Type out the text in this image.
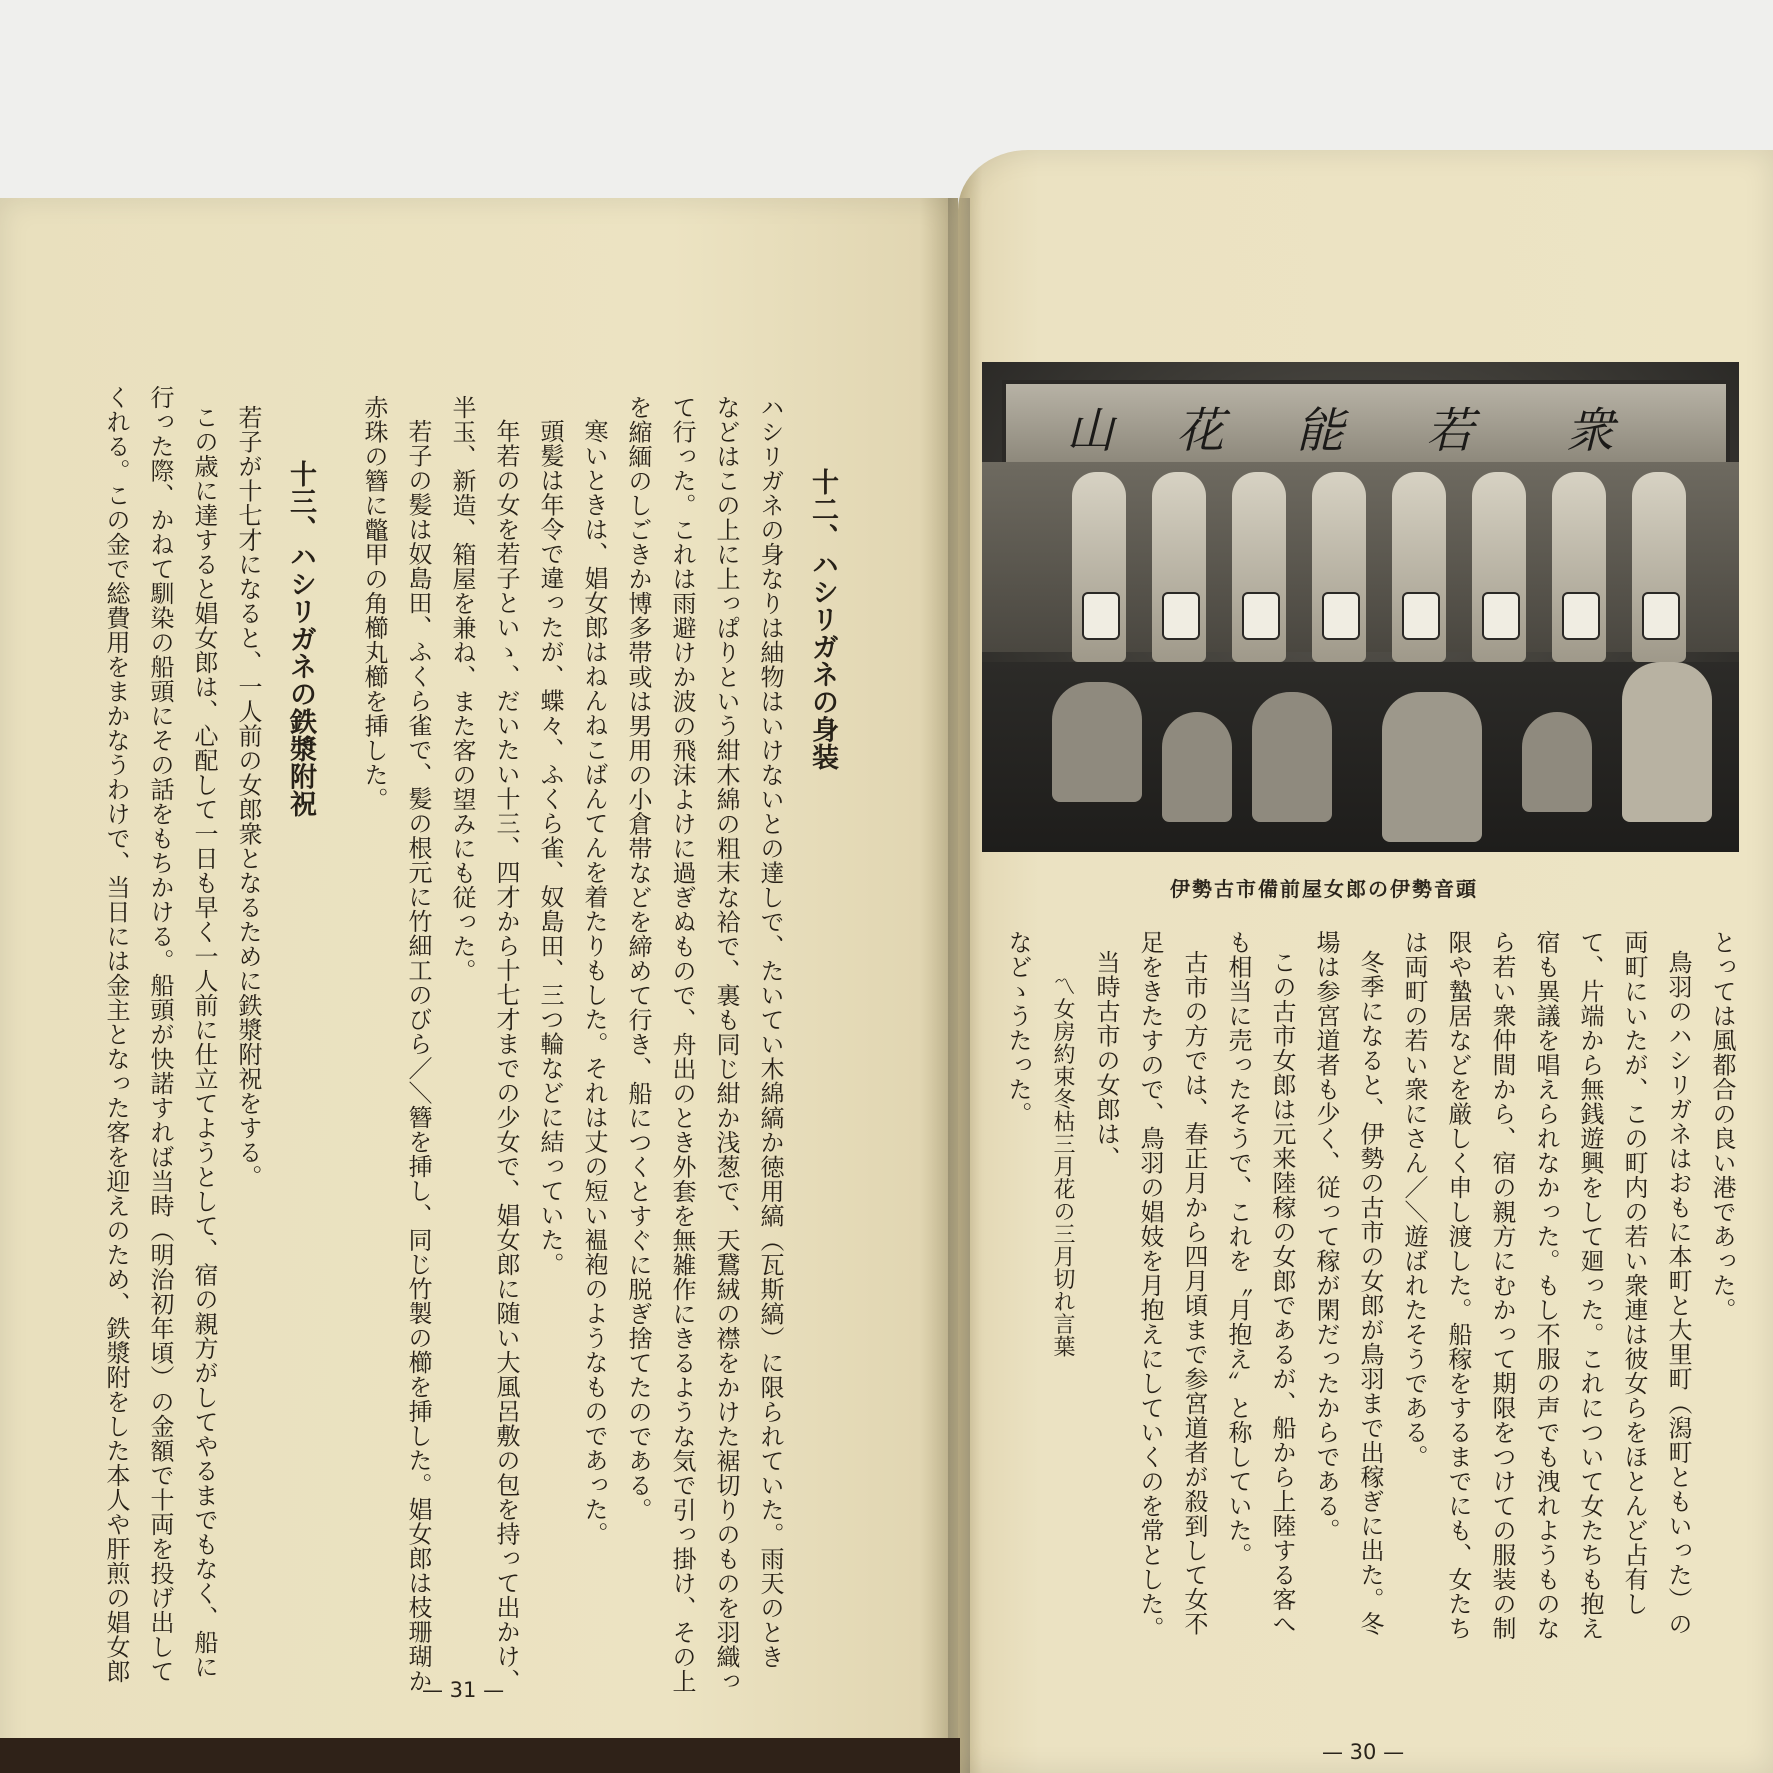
十二、ハシリガネの身装
ハシリガネの身なりは紬物はいけないとの達しで、たいてい木綿縞か徳用縞（瓦斯縞）に限られていた。雨天のとき
などはこの上に上っぱりという紺木綿の粗末な袷で、裏も同じ紺か浅葱で、天鵞絨の襟をかけた裾切りのものを羽織っ
て行った。これは雨避けか波の飛沫よけに過ぎぬもので、舟出のとき外套を無雑作にきるような気で引っ掛け、その上
を縮緬のしごきか博多帯或は男用の小倉帯などを締めて行き、船につくとすぐに脱ぎ捨てたのである。
寒いときは、娼女郎はねんねこばんてんを着たりもした。それは丈の短い褞袍のようなものであった。
頭髪は年令で違ったが、蝶々、ふくら雀、奴島田、三つ輪などに結っていた。
年若の女を若子といゝ、だいたい十三、四才から十七才までの少女で、娼女郎に随い大風呂敷の包を持って出かけ、
半玉、新造、箱屋を兼ね、また客の望みにも従った。
若子の髪は奴島田、ふくら雀で、髪の根元に竹細工のびら／＼簪を挿し、同じ竹製の櫛を挿した。娼女郎は枝珊瑚か
赤珠の簪に鼈甲の角櫛丸櫛を挿した。
十三、ハシリガネの鉄漿附祝
若子が十七才になると、一人前の女郎衆となるために鉄漿附祝をする。
この歳に達すると娼女郎は、心配して一日も早く一人前に仕立てようとして、宿の親方がしてやるまでもなく、船に
行った際、かねて馴染の船頭にその話をもちかける。船頭が快諾すれば当時（明治初年頃）の金額で十両を投げ出して
くれる。この金で総費用をまかなうわけで、当日には金主となった客を迎えのため、鉄漿附をした本人や肝煎の娼女郎
— 31 —
山 花 能 若 衆
伊勢古市備前屋女郎の伊勢音頭
とっては風都合の良い港であった。
鳥羽のハシリガネはおもに本町と大里町（潟町ともいった）の
両町にいたが、この町内の若い衆連は彼女らをほとんど占有し
て、片端から無銭遊興をして廻った。これについて女たちも抱え
宿も異議を唱えられなかった。もし不服の声でも洩れようものな
ら若い衆仲間から、宿の親方にむかって期限をつけての服装の制
限や蟄居などを厳しく申し渡した。船稼をするまでにも、女たち
は両町の若い衆にさん／＼遊ばれたそうである。
冬季になると、伊勢の古市の女郎が鳥羽まで出稼ぎに出た。冬
場は参宮道者も少く、従って稼が閑だったからである。
この古市女郎は元来陸稼の女郎であるが、船から上陸する客へ
も相当に売ったそうで、これを〝月抱え〟と称していた。
古市の方では、春正月から四月頃まで参宮道者が殺到して女不
足をきたすので、鳥羽の娼妓を月抱えにしていくのを常とした。
当時古市の女郎は、
〽女房約束冬枯三月花の三月切れ言葉
などゝうたった。
— 30 —
